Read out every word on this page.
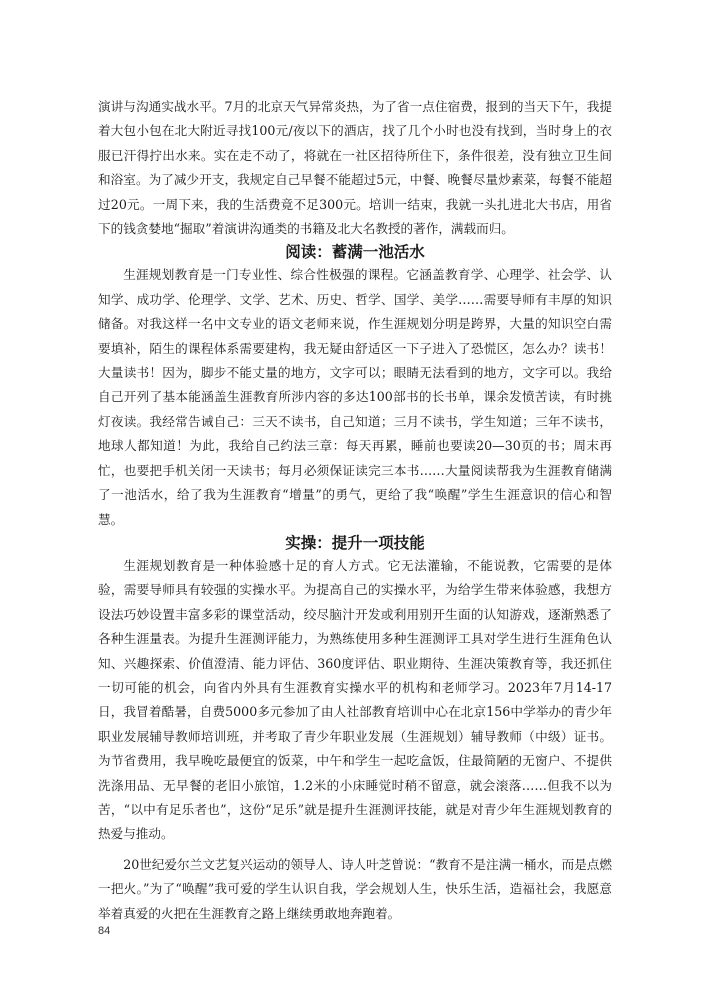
演讲与沟通实战水平。7月的北京天气异常炎热，为了省一点住宿费，报到的当天下午，我提着大包小包在北大附近寻找100元/夜以下的酒店，找了几个小时也没有找到，当时身上的衣服已汗得拧出水来。实在走不动了，将就在一社区招待所住下，条件很差，没有独立卫生间和浴室。为了减少开支，我规定自己早餐不能超过5元，中餐、晚餐尽量炒素菜，每餐不能超过20元。一周下来，我的生活费竟不足300元。培训一结束，我就一头扎进北大书店，用省下的钱贪婪地“掘取”着演讲沟通类的书籍及北大名教授的著作，满载而归。

阅读：蓄满一池活水

生涯规划教育是一门专业性、综合性极强的课程。它涵盖教育学、心理学、社会学、认知学、成功学、伦理学、文学、艺术、历史、哲学、国学、美学……需要导师有丰厚的知识储备。对我这样一名中文专业的语文老师来说，作生涯规划分明是跨界，大量的知识空白需要填补，陌生的课程体系需要建构，我无疑由舒适区一下子进入了恐慌区，怎么办？读书！大量读书！因为，脚步不能丈量的地方，文字可以；眼睛无法看到的地方，文字可以。我给自己开列了基本能涵盖生涯教育所涉内容的多达100部书的长书单，课余发愤苦读，有时挑灯夜读。我经常告诫自己：三天不读书，自己知道；三月不读书，学生知道；三年不读书，地球人都知道！为此，我给自己约法三章：每天再累，睡前也要读20—30页的书；周末再忙，也要把手机关闭一天读书；每月必须保证读完三本书……大量阅读帮我为生涯教育储满了一池活水，给了我为生涯教育“增量”的勇气，更给了我“唤醒”学生生涯意识的信心和智慧。

实操：提升一项技能

生涯规划教育是一种体验感十足的育人方式。它无法灌输，不能说教，它需要的是体验，需要导师具有较强的实操水平。为提高自己的实操水平，为给学生带来体验感，我想方设法巧妙设置丰富多彩的课堂活动，绞尽脑汁开发或利用别开生面的认知游戏，逐渐熟悉了各种生涯量表。为提升生涯测评能力，为熟练使用多种生涯测评工具对学生进行生涯角色认知、兴趣探索、价值澄清、能力评估、360度评估、职业期待、生涯决策教育等，我还抓住一切可能的机会，向省内外具有生涯教育实操水平的机构和老师学习。2023年7月14-17日，我冒着酷暑，自费5000多元参加了由人社部教育培训中心在北京156中学举办的青少年职业发展辅导教师培训班，并考取了青少年职业发展（生涯规划）辅导教师（中级）证书。为节省费用，我早晚吃最便宜的饭菜，中午和学生一起吃盒饭，住最简陋的无窗户、不提供洗涤用品、无早餐的老旧小旅馆，1.2米的小床睡觉时稍不留意，就会滚落……但我不以为苦，“以中有足乐者也”，这份“足乐”就是提升生涯测评技能，就是对青少年生涯规划教育的热爱与推动。

20世纪爱尔兰文艺复兴运动的领导人、诗人叶芝曾说：“教育不是注满一桶水，而是点燃一把火。”为了“唤醒”我可爱的学生认识自我，学会规划人生，快乐生活，造福社会，我愿意举着真爱的火把在生涯教育之路上继续勇敢地奔跑着。

84
